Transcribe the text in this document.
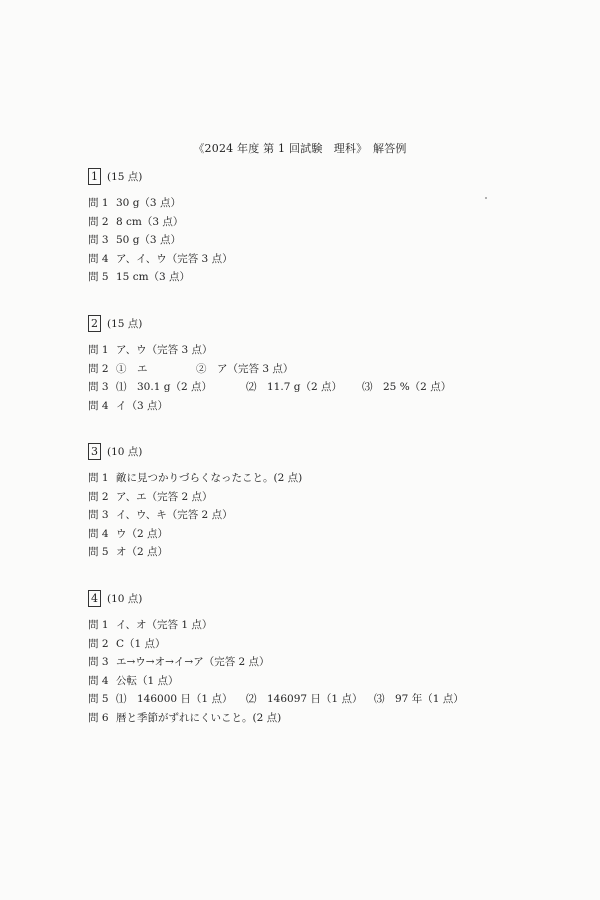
《2024 年度 第 1 回試験　理科》　解答例
1 (15 点)
問 1 30 g（3 点）
問 2 8 cm（3 点）
問 3 50 g（3 点）
問 4 ア、イ、ウ（完答 3 点）
問 5 15 cm（3 点）
2 (15 点)
問 1 ア、ウ（完答 3 点）
問 2 ①　エ	②　ア（完答 3 点）
問 3 ⑴　30.1 g（2 点）	⑵　11.7 g（2 点）	⑶　25 %（2 点）
問 4 イ（3 点）
3 (10 点)
問 1 敵に見つかりづらくなったこと。(2 点)
問 2 ア、エ（完答 2 点）
問 3 イ、ウ、キ（完答 2 点）
問 4 ウ（2 点）
問 5 オ（2 点）
4 (10 点)
問 1 イ、オ（完答 1 点）
問 2 C（1 点）
問 3 エ→ウ→オ→イ→ア（完答 2 点）
問 4 公転（1 点）
問 5 ⑴　146000 日（1 点）	⑵　146097 日（1 点）	⑶　97 年（1 点）
問 6 暦と季節がずれにくいこと。(2 点)
